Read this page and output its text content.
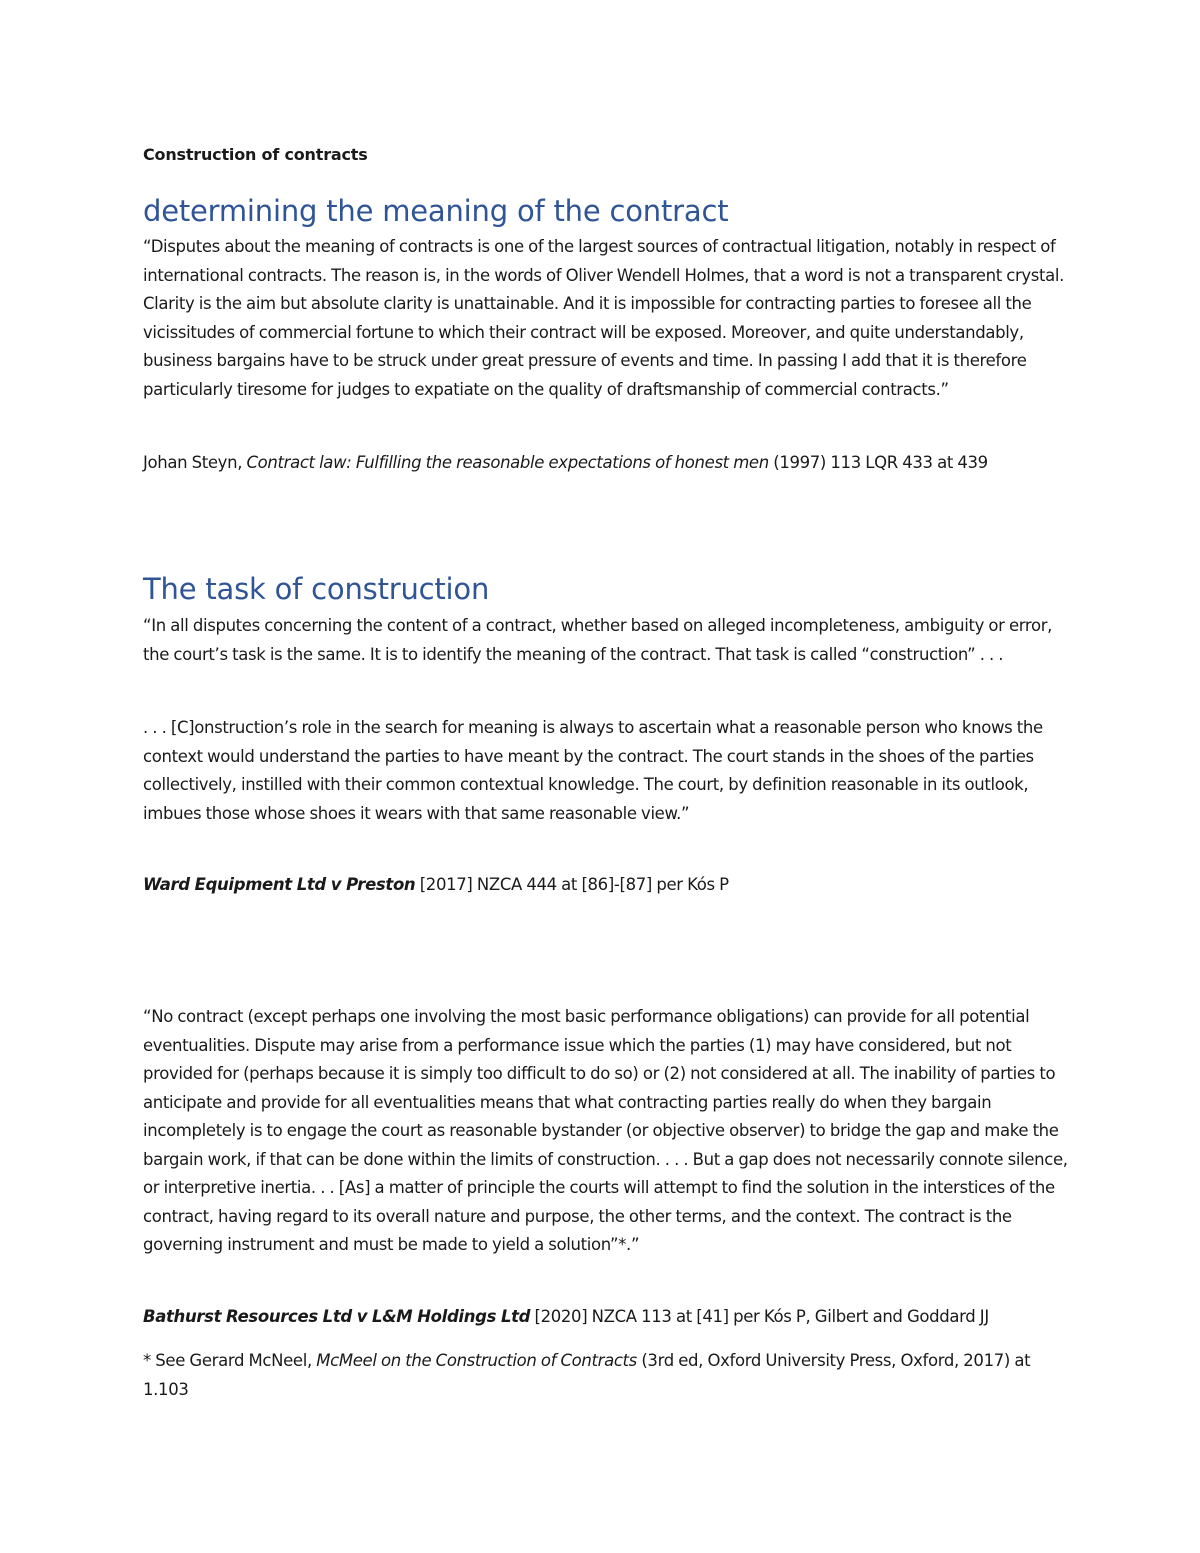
Construction of contracts

determining the meaning of the contract

“Disputes about the meaning of contracts is one of the largest sources of contractual litigation, notably in respect of international contracts. The reason is, in the words of Oliver Wendell Holmes, that a word is not a transparent crystal. Clarity is the aim but absolute clarity is unattainable. And it is impossible for contracting parties to foresee all the vicissitudes of commercial fortune to which their contract will be exposed. Moreover, and quite understandably, business bargains have to be struck under great pressure of events and time. In passing I add that it is therefore particularly tiresome for judges to expatiate on the quality of draftsmanship of commercial contracts.”

Johan Steyn, Contract law: Fulfilling the reasonable expectations of honest men (1997) 113 LQR 433 at 439

The task of construction

“In all disputes concerning the content of a contract, whether based on alleged incompleteness, ambiguity or error, the court’s task is the same. It is to identify the meaning of the contract. That task is called “construction” . . .

. . . [C]onstruction’s role in the search for meaning is always to ascertain what a reasonable person who knows the context would understand the parties to have meant by the contract. The court stands in the shoes of the parties collectively, instilled with their common contextual knowledge. The court, by definition reasonable in its outlook, imbues those whose shoes it wears with that same reasonable view.”

Ward Equipment Ltd v Preston [2017] NZCA 444 at [86]-[87] per Kós P

“No contract (except perhaps one involving the most basic performance obligations) can provide for all potential eventualities. Dispute may arise from a performance issue which the parties (1) may have considered, but not provided for (perhaps because it is simply too difficult to do so) or (2) not considered at all. The inability of parties to anticipate and provide for all eventualities means that what contracting parties really do when they bargain incompletely is to engage the court as reasonable bystander (or objective observer) to bridge the gap and make the bargain work, if that can be done within the limits of construction. . . . But a gap does not necessarily connote silence, or interpretive inertia. . . [As] a matter of principle the courts will attempt to find the solution in the interstices of the contract, having regard to its overall nature and purpose, the other terms, and the context. The contract is the governing instrument and must be made to yield a solution”*.”

Bathurst Resources Ltd v L&M Holdings Ltd [2020] NZCA 113 at [41] per Kós P, Gilbert and Goddard JJ

* See Gerard McNeel, McMeel on the Construction of Contracts (3rd ed, Oxford University Press, Oxford, 2017) at 1.103
